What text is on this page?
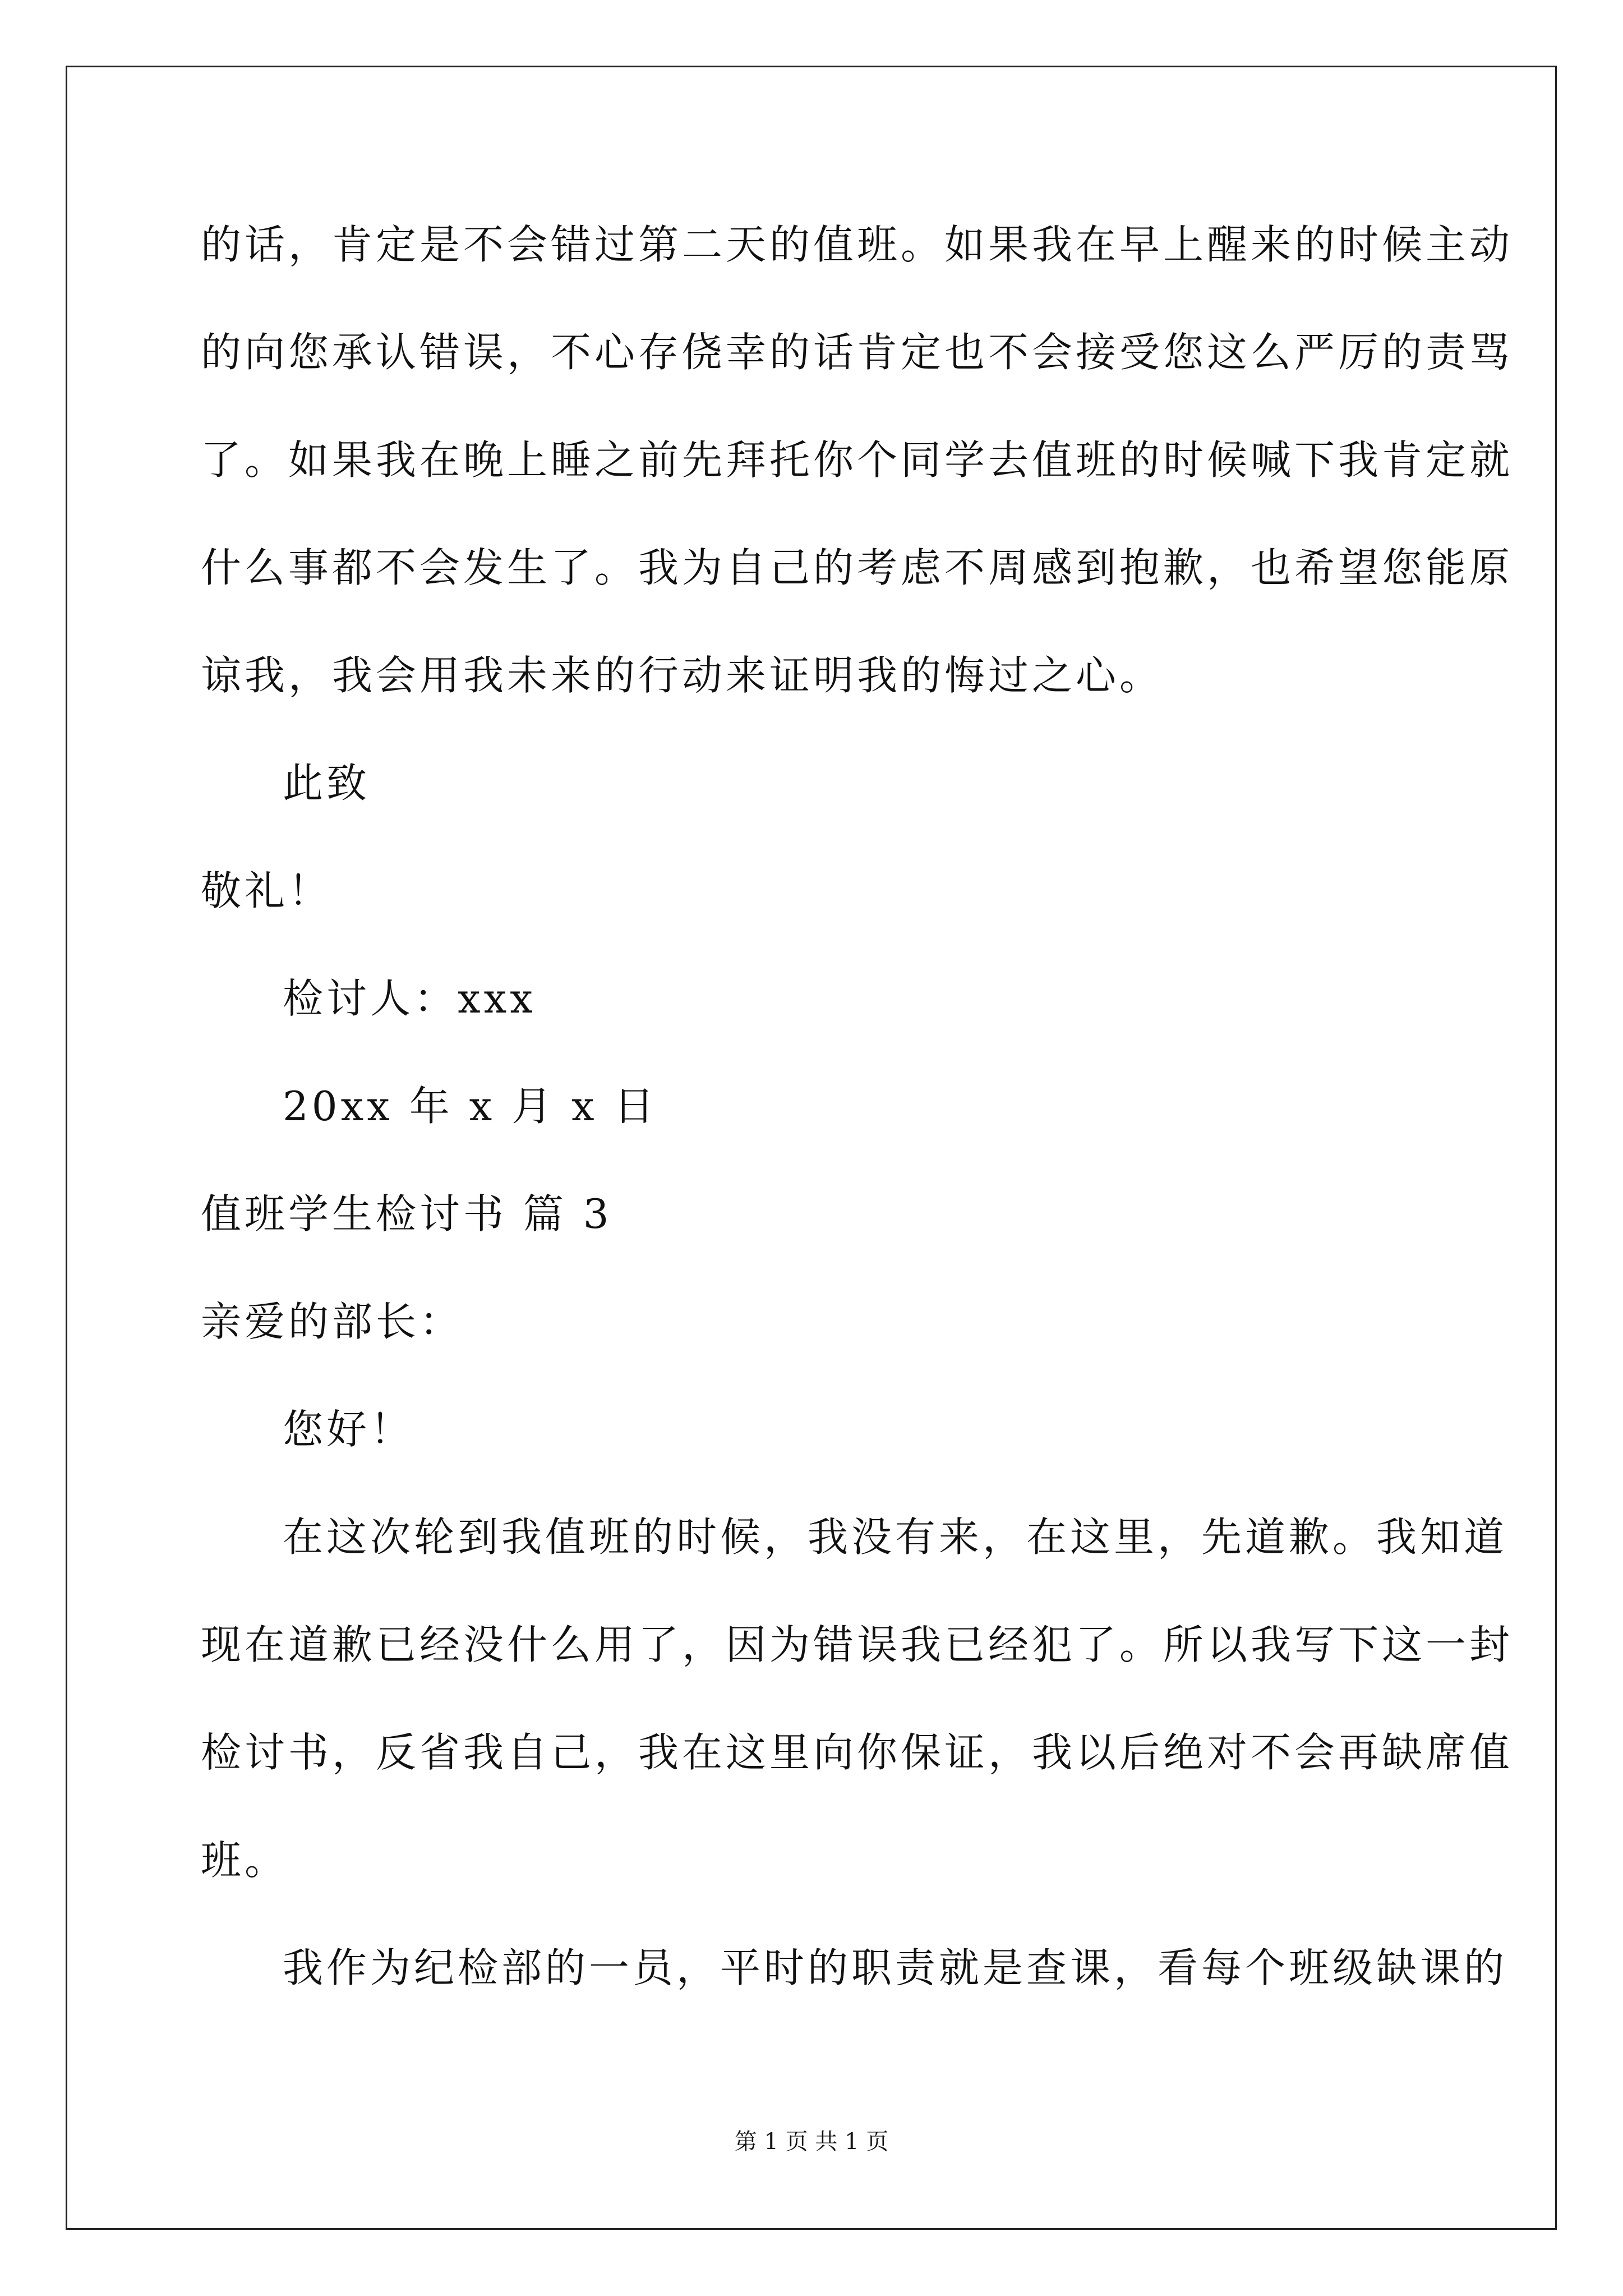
的话，肯定是不会错过第二天的值班。如果我在早上醒来的时候主动
的向您承认错误，不心存侥幸的话肯定也不会接受您这么严厉的责骂
了。如果我在晚上睡之前先拜托你个同学去值班的时候喊下我肯定就
什么事都不会发生了。我为自己的考虑不周感到抱歉，也希望您能原
谅我，我会用我未来的行动来证明我的悔过之心。
此致
敬礼！
检讨人：xxx
20xx 年 x 月 x 日
值班学生检讨书 篇 3
亲爱的部长：
您好！
在这次轮到我值班的时候，我没有来，在这里，先道歉。我知道
现在道歉已经没什么用了，因为错误我已经犯了。所以我写下这一封
检讨书，反省我自己，我在这里向你保证，我以后绝对不会再缺席值
班。
我作为纪检部的一员，平时的职责就是查课，看每个班级缺课的
第 1 页 共 1 页
